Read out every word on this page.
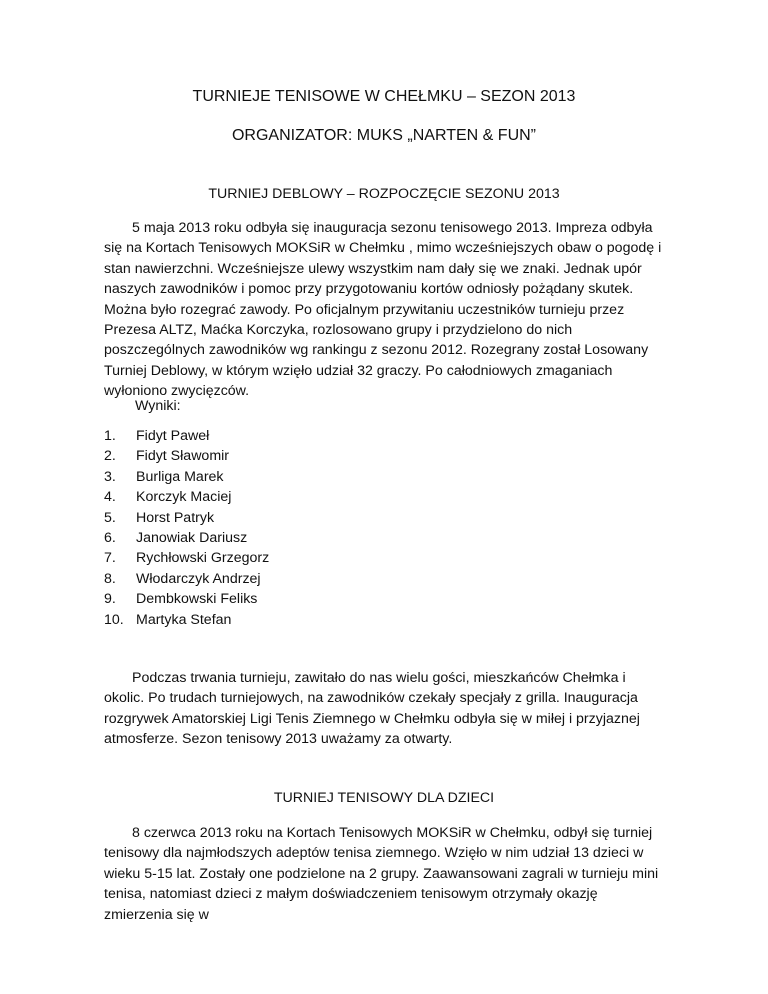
TURNIEJE TENISOWE W CHEŁMKU – SEZON 2013
ORGANIZATOR: MUKS „NARTEN & FUN”
TURNIEJ DEBLOWY – ROZPOCZĘCIE SEZONU 2013

5 maja 2013 roku odbyła się inauguracja sezonu tenisowego 2013. Impreza odbyła się na Kortach Tenisowych MOKSiR w Chełmku , mimo wcześniejszych obaw o pogodę i stan nawierzchni. Wcześniejsze ulewy wszystkim nam dały się we znaki. Jednak upór naszych zawodników i pomoc przy przygotowaniu kortów odniosły pożądany skutek. Można było rozegrać zawody. Po oficjalnym przywitaniu uczestników turnieju przez Prezesa ALTZ, Maćka Korczyka, rozlosowano grupy i przydzielono do nich poszczególnych zawodników wg rankingu z sezonu 2012. Rozegrany został Losowany Turniej Deblowy, w którym wzięło udział 32 graczy. Po całodniowych zmaganiach wyłoniono zwycięzców.

Wyniki:
1. Fidyt Paweł
2. Fidyt Sławomir
3. Burliga Marek
4. Korczyk Maciej
5. Horst Patryk
6. Janowiak Dariusz
7. Rychłowski Grzegorz
8. Włodarczyk Andrzej
9. Dembkowski Feliks
10. Martyka Stefan

Podczas trwania turnieju, zawitało do nas wielu gości, mieszkańców Chełmka i okolic. Po trudach turniejowych, na zawodników czekały specjały z grilla. Inauguracja rozgrywek Amatorskiej Ligi Tenis Ziemnego w Chełmku odbyła się w miłej i przyjaznej atmosferze. Sezon tenisowy 2013 uważamy za otwarty.

TURNIEJ TENISOWY DLA DZIECI

8 czerwca 2013 roku na Kortach Tenisowych MOKSiR w Chełmku, odbył się turniej tenisowy dla najmłodszych adeptów tenisa ziemnego. Wzięło w nim udział 13 dzieci w wieku 5-15 lat. Zostały one podzielone na 2 grupy. Zaawansowani zagrali w turnieju mini tenisa, natomiast dzieci z małym doświadczeniem tenisowym otrzymały okazję zmierzenia się w
